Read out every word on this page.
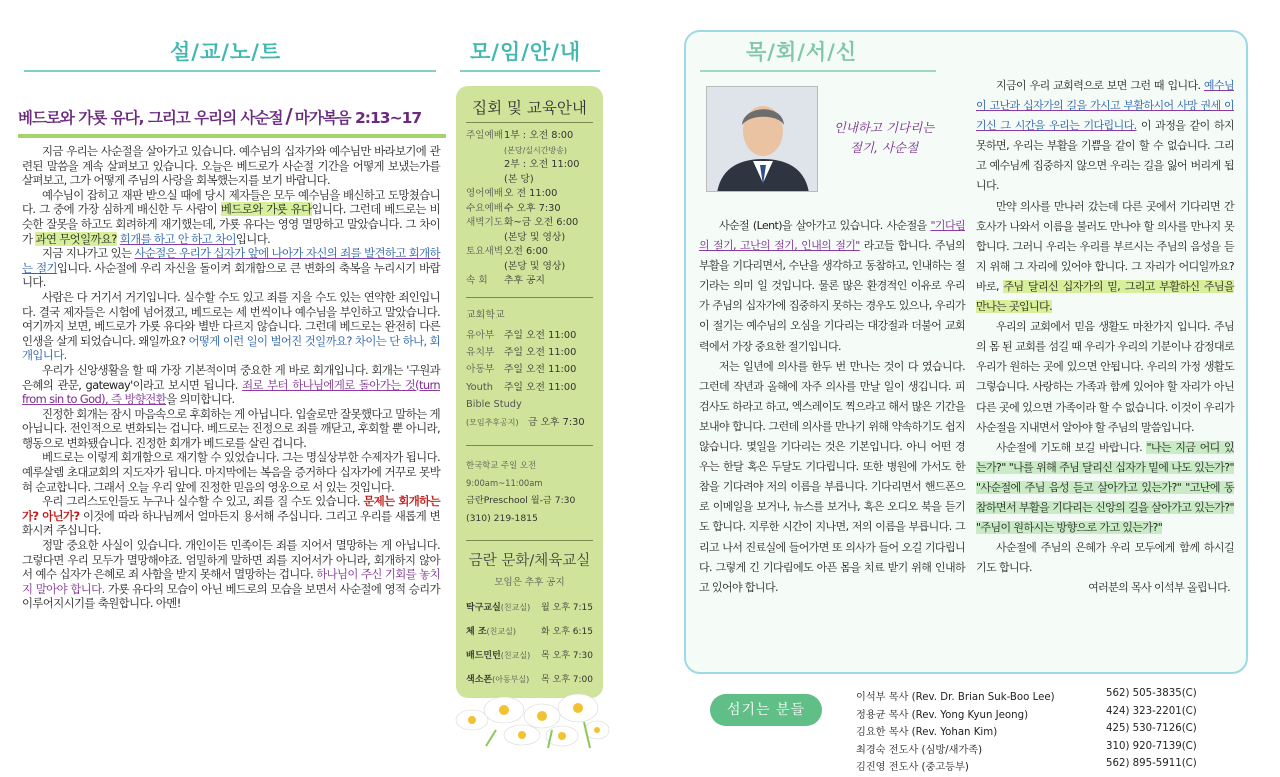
설/교/노/트	모/임/안/내
베드로와 가룟 유다, 그리고 우리의 사순절 / 마가복음 2:13~17

지금 우리는 사순절을 살아가고 있습니다. 예수님의 십자가와 예수님만 바라보기에 관련된 말씀을 계속 살펴보고 있습니다. 오늘은 베드로가 사순절 기간을 어떻게 보냈는가를 살펴보고, 그가 어떻게 주님의 사랑을 회복했는지를 보기 바랍니다.

예수님이 잡히고 재판 받으실 때에 당시 제자들은 모두 예수님을 배신하고 도망쳤습니다. 그 중에 가장 심하게 배신한 두 사람이 베드로와 가룟 유다입니다. 그런데 베드로는 비슷한 잘못을 하고도 회려하게 재기했는데, 가룟 유다는 영영 멸망하고 말았습니다. 그 차이가 과연 무엇일까요? 회개를 하고 안 하고 차이입니다.

지금 지나가고 있는 사순절은 우리가 십자가 앞에 나아가 자신의 죄를 발견하고 회개하는 절기입니다. 사순절에 우리 자신을 돌이켜 회개함으로 큰 변화의 축복을 누리시기 바랍니다.

사람은 다 거기서 거기입니다. 실수할 수도 있고 죄를 지을 수도 있는 연약한 죄인입니다. 결국 제자들은 시험에 넘어졌고, 베드로는 세 번씩이나 예수님을 부인하고 말았습니다. 여기까지 보면, 베드로가 가룟 유다와 별반 다르지 않습니다. 그런데 베드로는 완전히 다른 인생을 살게 되었습니다. 왜일까요? 어떻게 이런 일이 벌어진 것일까요? 차이는 단 하나, 회개입니다.

우리가 신앙생활을 할 때 가장 기본적이며 중요한 게 바로 회개입니다. 회개는 '구원과 은혜의 관문, gateway'이라고 보시면 됩니다. 죄로 부터 하나님에게로 돌아가는 것(turn from sin to God), 즉 방향전환을 의미합니다.

진정한 회개는 잠시 마음속으로 후회하는 게 아닙니다. 입술로만 잘못했다고 말하는 게 아닙니다. 전인적으로 변화되는 겁니다. 베드로는 진정으로 죄를 깨닫고, 후회할 뿐 아니라, 행동으로 변화됐습니다. 진정한 회개가 베드로를 살린 겁니다.

베드로는 이렇게 회개함으로 재기할 수 있었습니다. 그는 명실상부한 수제자가 됩니다. 예루살렘 초대교회의 지도자가 됩니다. 마지막에는 복음을 증거하다 십자가에 거꾸로 못박혀 순교합니다. 그래서 오늘 우리 앞에 진정한 믿음의 영웅으로 서 있는 것입니다.

우리 그리스도인들도 누구나 실수할 수 있고, 죄를 질 수도 있습니다. 문제는 회개하는가? 아닌가? 이것에 따라 하나님께서 얼마든지 용서해 주십니다. 그리고 우리를 새롭게 변화시켜 주십니다.

정말 중요한 사실이 있습니다. 개인이든 민족이든 죄를 지어서 멸망하는 게 아닙니다. 그렇다면 우리 모두가 멸망해야죠. 엄밀하게 말하면 죄를 지어서가 아니라, 회개하지 않아서 예수 십자가 은혜로 죄 사함을 받지 못해서 멸망하는 겁니다. 하나님이 주신 기회를 놓치지 말아야 합니다. 가룟 유다의 모습이 아닌 베드로의 모습을 보면서 사순절에 영적 승리가 이루어지시기를 축원합니다. 아멘!

집회 및 교육안내
주일예배 1부 : 오전 8:00
(본당/실시간방송)
2부 : 오전 11:00
(본 당)
영어예배 오 전 11:00
수요예배 수 오후 7:30
새벽기도 화~금 오전 6:00
(본당 및 영상)
토요새벽 오전 6:00
(본당 및 영상)
속 회	추후 공지
교회학교
유아부 주일 오전 11:00
유치부 주일 오전 11:00
아동부 주일 오전 11:00
Youth	주일 오전 11:00
Bible Study
(모임추후공지) 금 오후 7:30
한국학교 주일 오전 9:00am~11:00am
금란Preschool 월-금 7:30
(310) 219-1815
금란 문화/체육교실
모임은 추후 공지
탁구교실(친교실) 월 오후 7:15
체 조(친교실)	화 오후 6:15
배드민턴(친교실) 목 오후 7:30
색소폰(아동부실) 목 오후 7:00
목/회/서/신
인내하고 기다리는
절기, 사순절

사순절 (Lent)을 살아가고 있습니다. 사순절을 "기다림의 절기, 고난의 절기, 인내의 절기" 라고들 합니다. 주님의 부활을 기다리면서, 수난을 생각하고 동참하고, 인내하는 절기라는 의미 일 것입니다. 물론 많은 환경적인 이유로 우리가 주님의 십자가에 집중하지 못하는 경우도 있으나, 우리가 이 절기는 예수님의 오심을 기다리는 대강절과 더불어 교회력에서 가장 중요한 절기입니다.

저는 일년에 의사를 한두 번 만나는 것이 다 였습니다. 그런데 작년과 올해에 자주 의사를 만날 일이 생깁니다. 피검사도 하라고 하고, 엑스레이도 찍으라고 해서 많은 기간을 보내야 합니다. 그런데 의사를 만나기 위해 약속하기도 쉽지 않습니다. 몇일을 기다리는 것은 기본입니다. 아니 어떤 경우는 한달 혹은 두달도 기다립니다. 또한 병원에 가서도 한참을 기다려야 저의 이름을 부릅니다. 기다리면서 핸드폰으로 이메일을 보거나, 뉴스를 보거나, 혹은 오디오 북을 듣기도 합니다. 지루한 시간이 지나면, 저의 이름을 부릅니다. 그리고 나서 진료실에 들어가면 또 의사가 들어 오길 기다립니다. 그렇게 긴 기다림에도 아픈 몸을 치료 받기 위해 인내하고 있어야 합니다.

지금이 우리 교회력으로 보면 그런 때 입니다. 예수님이 고난과 십자가의 길을 가시고 부활하시어 사망 권세 이기신 그 시간을 우리는 기다립니다. 이 과정을 같이 하지 못하면, 우리는 부활을 기쁨을 같이 할 수 없습니다. 그리고 예수님께 집중하지 않으면 우리는 길을 잃어 버리게 됩니다.

만약 의사를 만나러 갔는데 다른 곳에서 기다리면 간호사가 나와서 이름을 불러도 만나야 할 의사를 만나지 못합니다. 그러니 우리는 우리를 부르시는 주님의 음성을 듣지 위해 그 자리에 있어야 합니다. 그 자리가 어디일까요? 바로, 주님 달리신 십자가의 밑, 그리고 부활하신 주님을 만나는 곳입니다.

우리의 교회에서 믿음 생활도 마찬가지 입니다. 주님의 몸 된 교회를 섬길 때 우리가 우리의 기분이나 감정대로 우리가 원하는 곳에 있으면 안됩니다. 우리의 가정 생활도 그렇습니다. 사랑하는 가족과 함께 있어야 할 자리가 아닌 다른 곳에 있으면 가족이라 할 수 없습니다. 이것이 우리가 사순절을 지내면서 알아야 할 주님의 말씀입니다.

사순절에 기도해 보길 바랍니다. "나는 지금 어디 있는가?" "나를 위해 주님 달리신 십자가 밑에 나도 있는가?" "사순절에 주님 음성 듣고 살아가고 있는가?" "고난에 동참하면서 부활을 기다리는 신앙의 길을 살아가고 있는가?" "주님이 원하시는 방향으로 가고 있는가?"

사순절에 주님의 은혜가 우리 모두에게 함께 하시길 기도 합니다.

여러분의 목사 이석부 올립니다.

섬기는 분들
이석부 목사 (Rev. Dr. Brian Suk-Boo Lee)	562) 505-3835(C)
정용균 목사 (Rev. Yong Kyun Jeong)	424) 323-2201(C)
김요한 목사 (Rev. Yohan Kim)	425) 530-7126(C)
최경숙 전도사 (심방/새가족)	310) 920-7139(C)
김진영 전도사 (중고등부)	562) 895-5911(C)
